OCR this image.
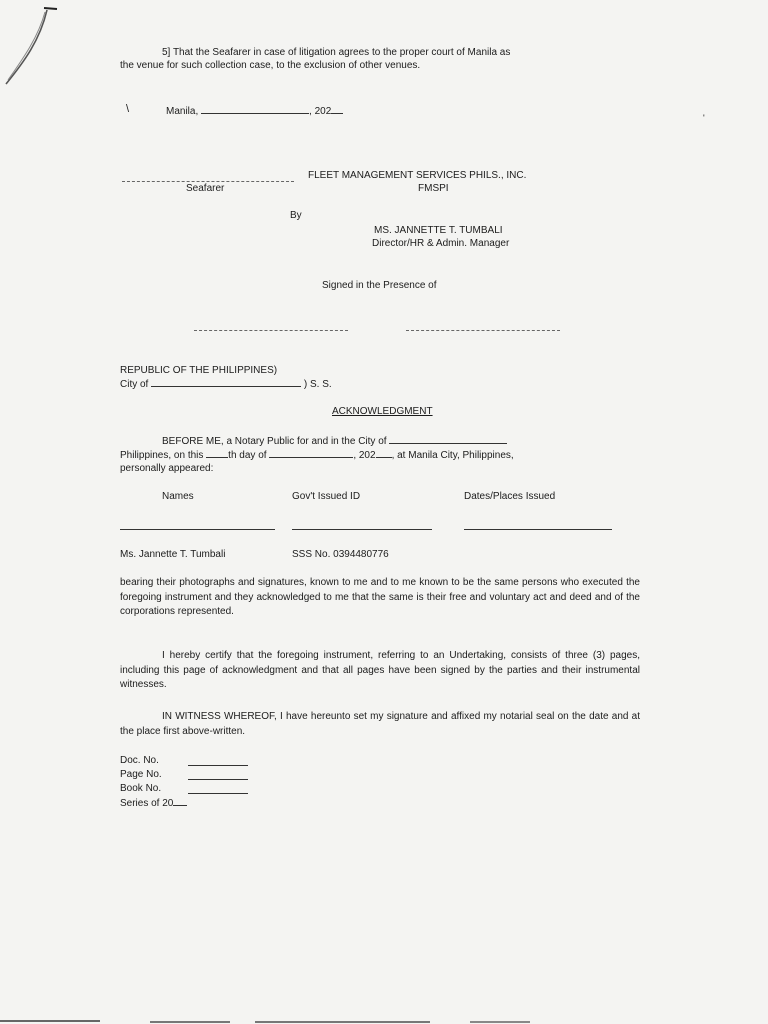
\
'
5] That the Seafarer in case of litigation agrees to the proper court of Manila as
the venue for such collection case, to the exclusion of other venues.
Manila,	, 202
Seafarer
FLEET MANAGEMENT SERVICES PHILS., INC.
FMSPI
By
MS. JANNETTE T. TUMBALI
Director/HR & Admin. Manager
Signed in the Presence of
REPUBLIC OF THE PHILIPPINES)
City of	) S. S.
ACKNOWLEDGMENT
BEFORE ME, a Notary Public for and in the City of
Philippines, on this th day of	, 202 , at Manila City, Philippines,
personally appeared:
Names	Gov't Issued ID	Dates/Places Issued
Ms. Jannette T. Tumbali	SSS No. 0394480776
bearing their photographs and signatures, known to me and to me known to be the same persons who executed the foregoing instrument and they acknowledged to me that the same is their free and voluntary act and deed and of the corporations represented.
I hereby certify that the foregoing instrument, referring to an Undertaking, consists of three (3) pages, including this page of acknowledgment and that all pages have been signed by the parties and their instrumental witnesses.
IN WITNESS WHEREOF, I have hereunto set my signature and affixed my notarial seal on the date and at the place first above-written.
Doc. No.
Page No.
Book No.
Series of 20
